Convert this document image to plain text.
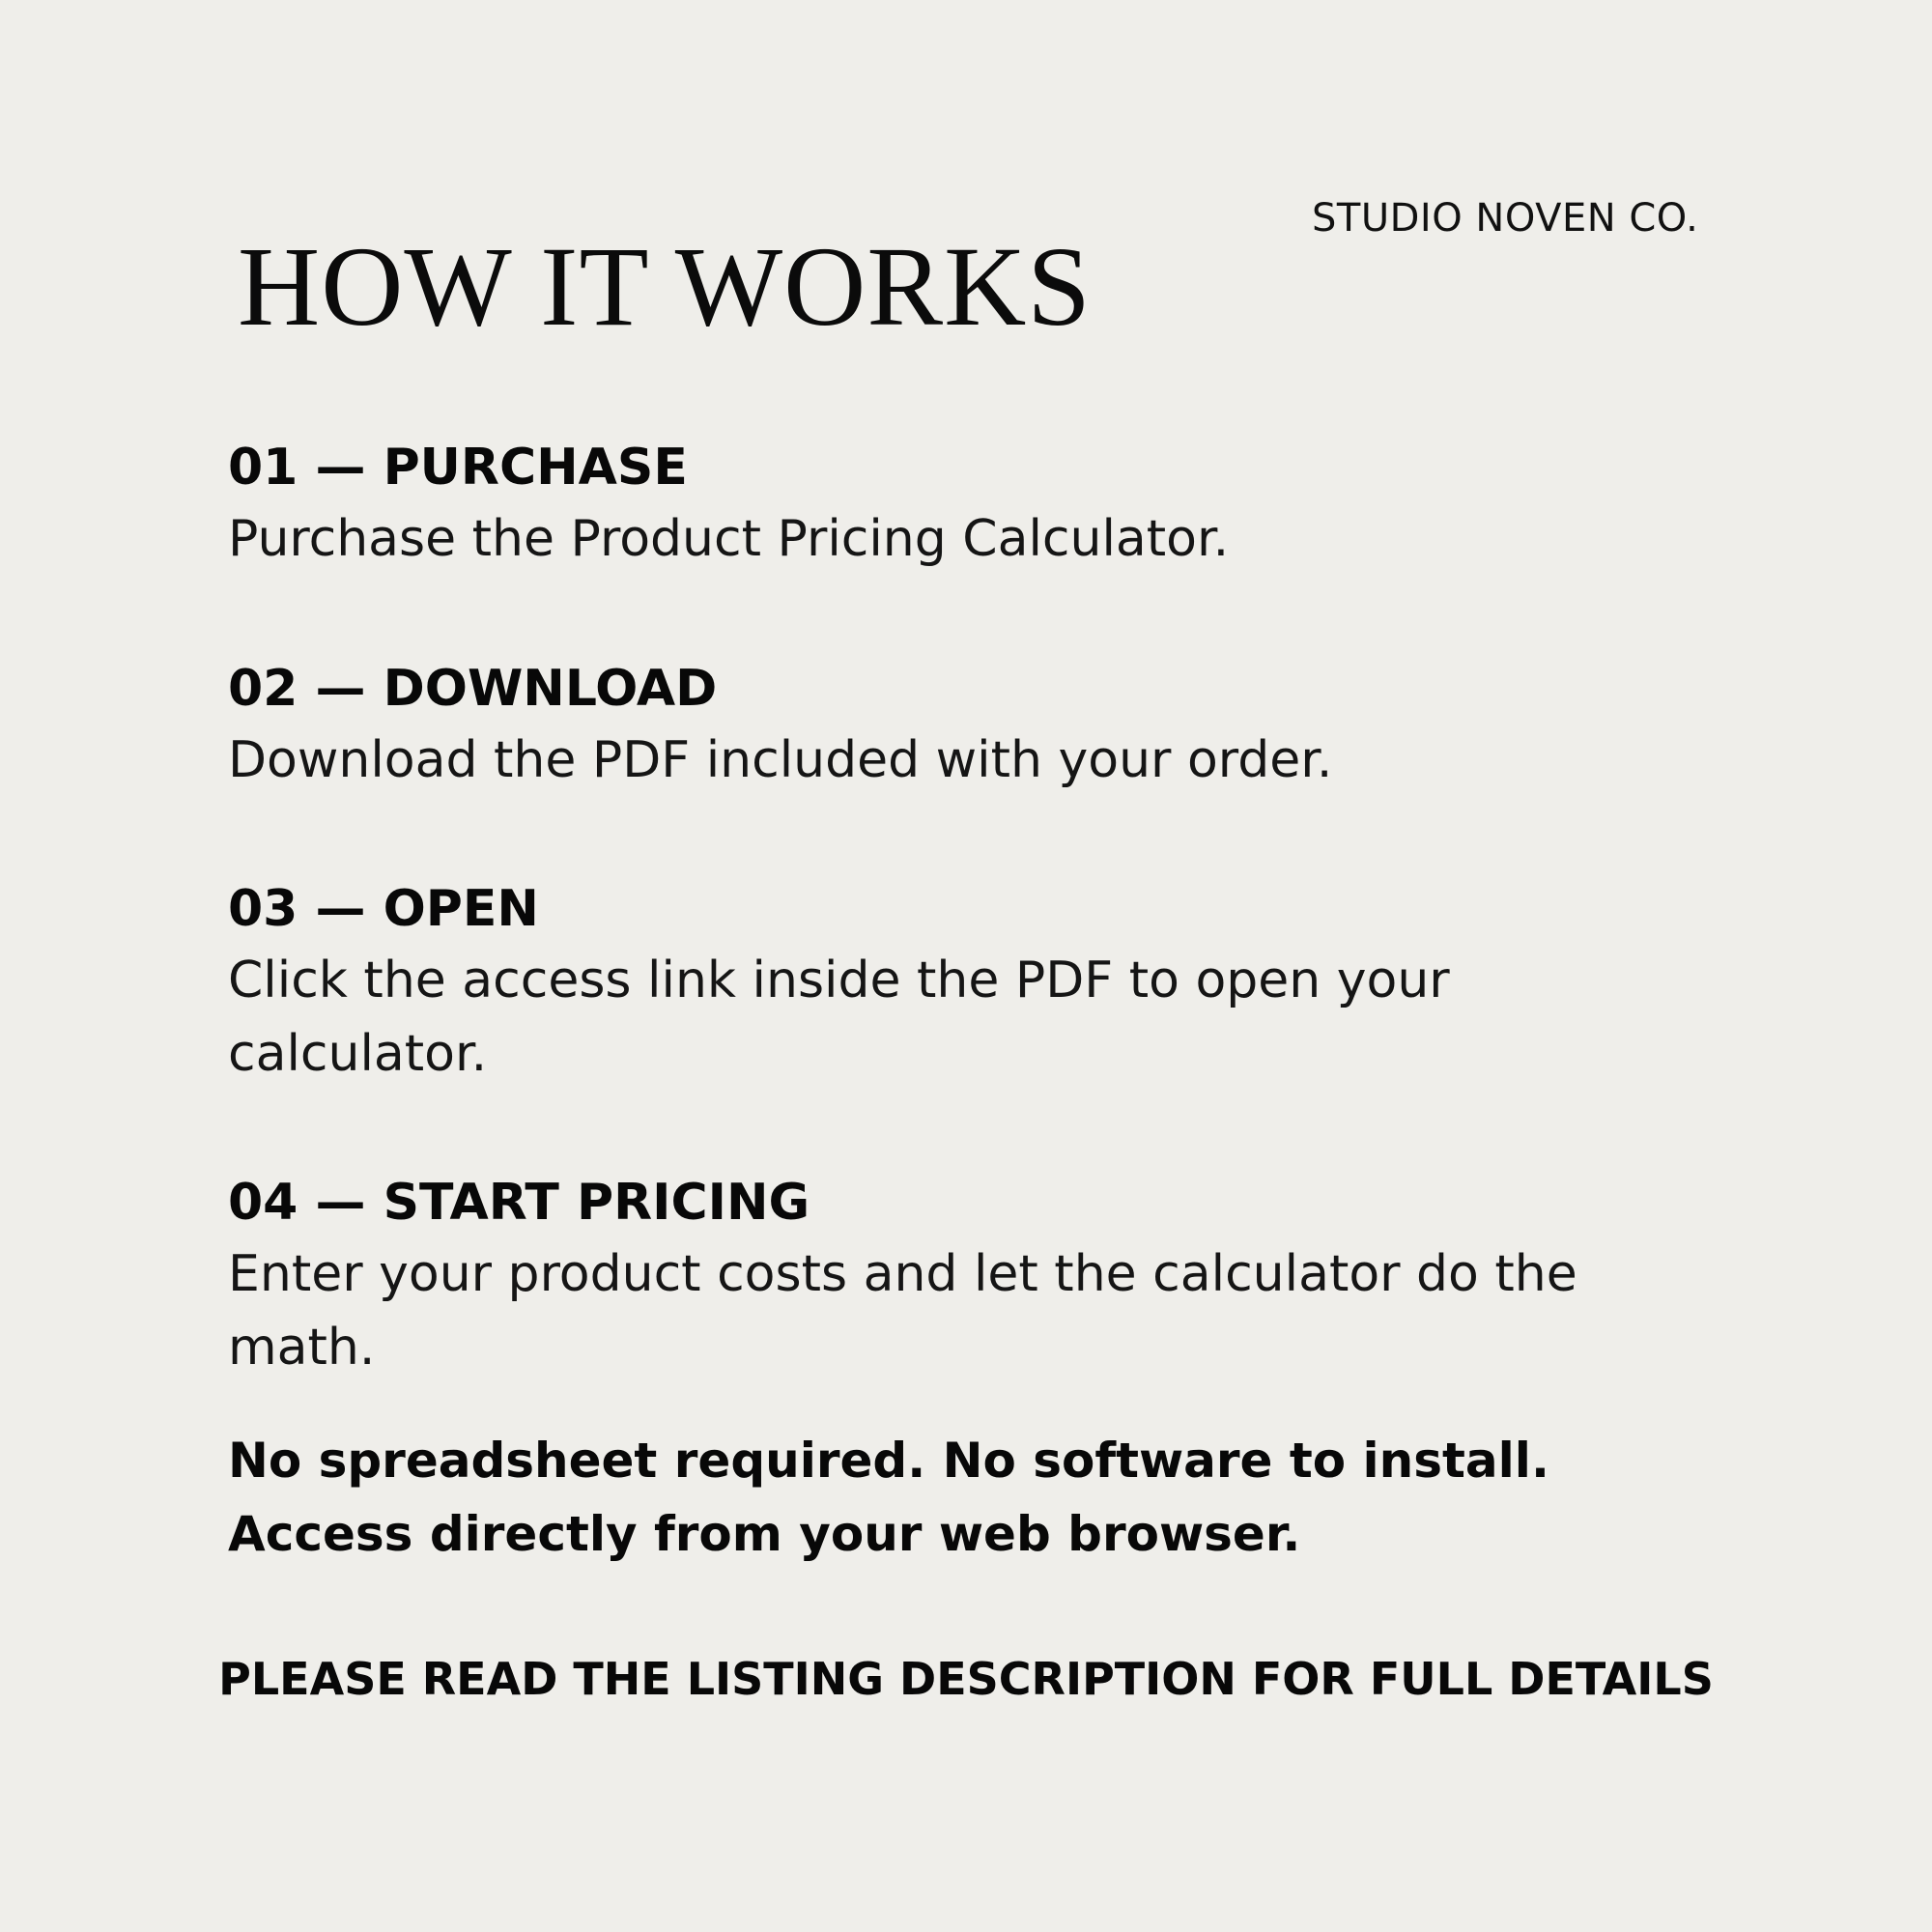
STUDIO NOVEN CO.
HOW IT WORKS

01 — PURCHASE

Purchase the Product Pricing Calculator.

02 — DOWNLOAD

Download the PDF included with your order.

03 — OPEN

Click the access link inside the PDF to open your calculator.

04 — START PRICING

Enter your product costs and let the calculator do the math.

No spreadsheet required. No software to install.
Access directly from your web browser.

PLEASE READ THE LISTING DESCRIPTION FOR FULL DETAILS
